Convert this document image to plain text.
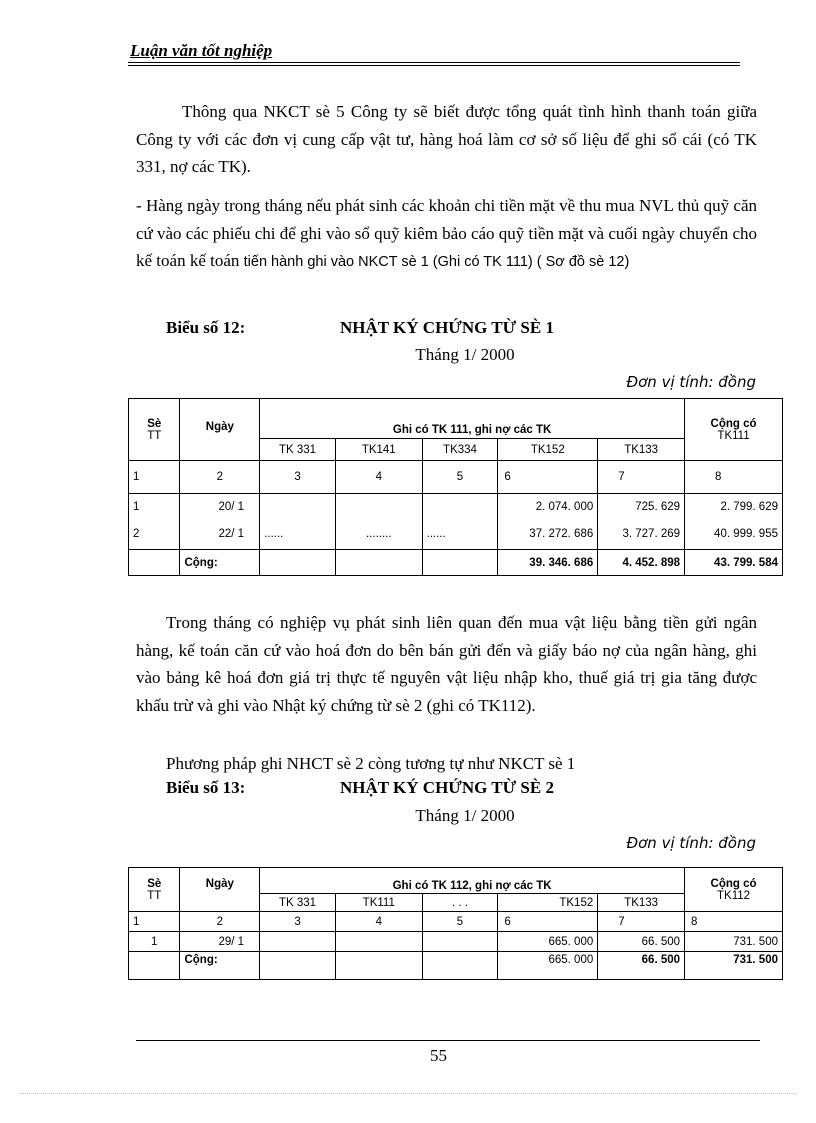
Luận văn tốt nghiệp
Thông qua NKCT sè 5 Công ty sẽ biết được tổng quát tình hình thanh toán giữa Công ty với các đơn vị cung cấp vật tư, hàng hoá làm cơ sở số liệu để ghi sổ cái (có TK 331, nợ các TK).
- Hàng ngày trong tháng nếu phát sinh các khoản chi tiền mặt về thu mua NVL thủ quỹ căn cứ vào các phiếu chi để ghi vào sổ quỹ kiêm bảo cáo quỹ tiền mặt và cuối ngày chuyển cho kế toán kế toán tiến hành ghi vào NKCT sè 1 (Ghi có TK 111) ( Sơ đồ sè 12)
Biểu số 12:	NHẬT KÝ CHỨNG TỪ SÈ 1
Tháng 1/ 2000
Đơn vị tính: đồng
Sè
TT	Ngày	Ghi có TK 111, ghi nợ các TK					Cộng có
TK111
		TK 331	TK141	TK334	TK152	TK133	
1	2	3	4	5	6	7	8
1	20/ 1				2. 074. 000	725. 629	2. 799. 629
2	22/ 1	......	........	......	37. 272. 686	3. 727. 269	40. 999. 955
	Cộng:				39. 346. 686	4. 452. 898	43. 799. 584
Trong tháng có nghiệp vụ phát sinh liên quan đến mua vật liệu bằng tiền gửi ngân hàng, kế toán căn cứ vào hoá đơn do bên bán gửi đến và giấy báo nợ của ngân hàng, ghi vào bảng kê hoá đơn giá trị thực tế nguyên vật liệu nhập kho, thuế giá trị gia tăng được khấu trừ và ghi vào Nhật ký chứng từ sè 2 (ghi có TK112).
Phương pháp ghi NHCT sè 2 còng tương tự như NKCT sè 1
Biểu số 13:	NHẬT KÝ CHỨNG TỪ SÈ 2
Tháng 1/ 2000
Đơn vị tính: đồng
Sè
TT	Ngày	Ghi có TK 112, ghi nợ các TK					Cộng có
TK112
		TK 331	TK111	. . .	TK152	TK133	
1	2	3	4	5	6	7	8
1	29/ 1				665. 000	66. 500	731. 500
	Cộng:				665. 000	66. 500	731. 500
55
